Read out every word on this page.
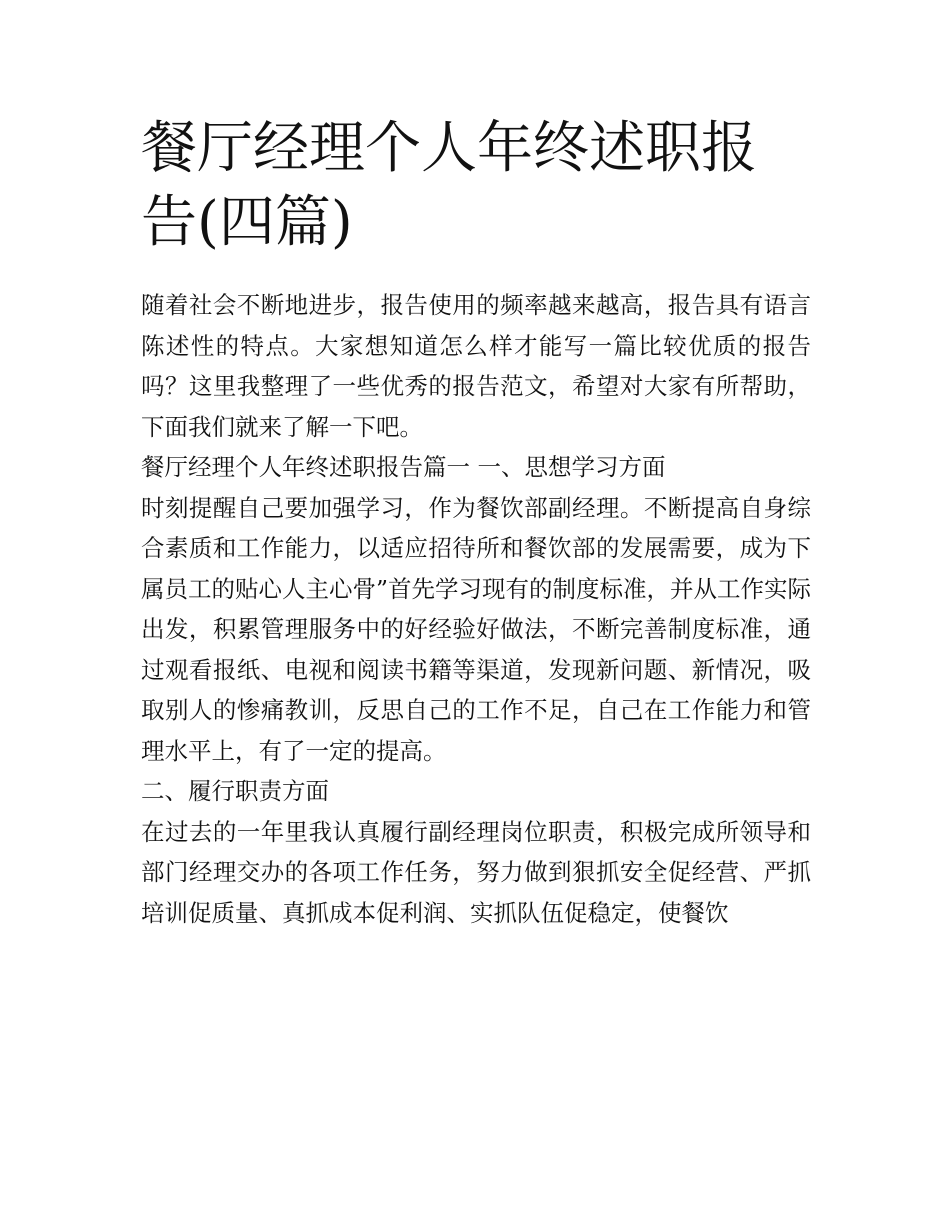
餐厅经理个人年终述职报告(四篇)

随着社会不断地进步，报告使用的频率越来越高，报告具有语言陈述性的特点。大家想知道怎么样才能写一篇比较优质的报告吗？这里我整理了一些优秀的报告范文，希望对大家有所帮助，下面我们就来了解一下吧。

餐厅经理个人年终述职报告篇一 一、思想学习方面

时刻提醒自己要加强学习，作为餐饮部副经理。不断提高自身综合素质和工作能力，以适应招待所和餐饮部的发展需要，成为下属员工的贴心人主心骨”首先学习现有的制度标准，并从工作实际出发，积累管理服务中的好经验好做法，不断完善制度标准，通过观看报纸、电视和阅读书籍等渠道，发现新问题、新情况，吸取别人的惨痛教训，反思自己的工作不足，自己在工作能力和管理水平上，有了一定的提高。

二、履行职责方面

在过去的一年里我认真履行副经理岗位职责，积极完成所领导和部门经理交办的各项工作任务，努力做到狠抓安全促经营、严抓培训促质量、真抓成本促利润、实抓队伍促稳定，使餐饮
